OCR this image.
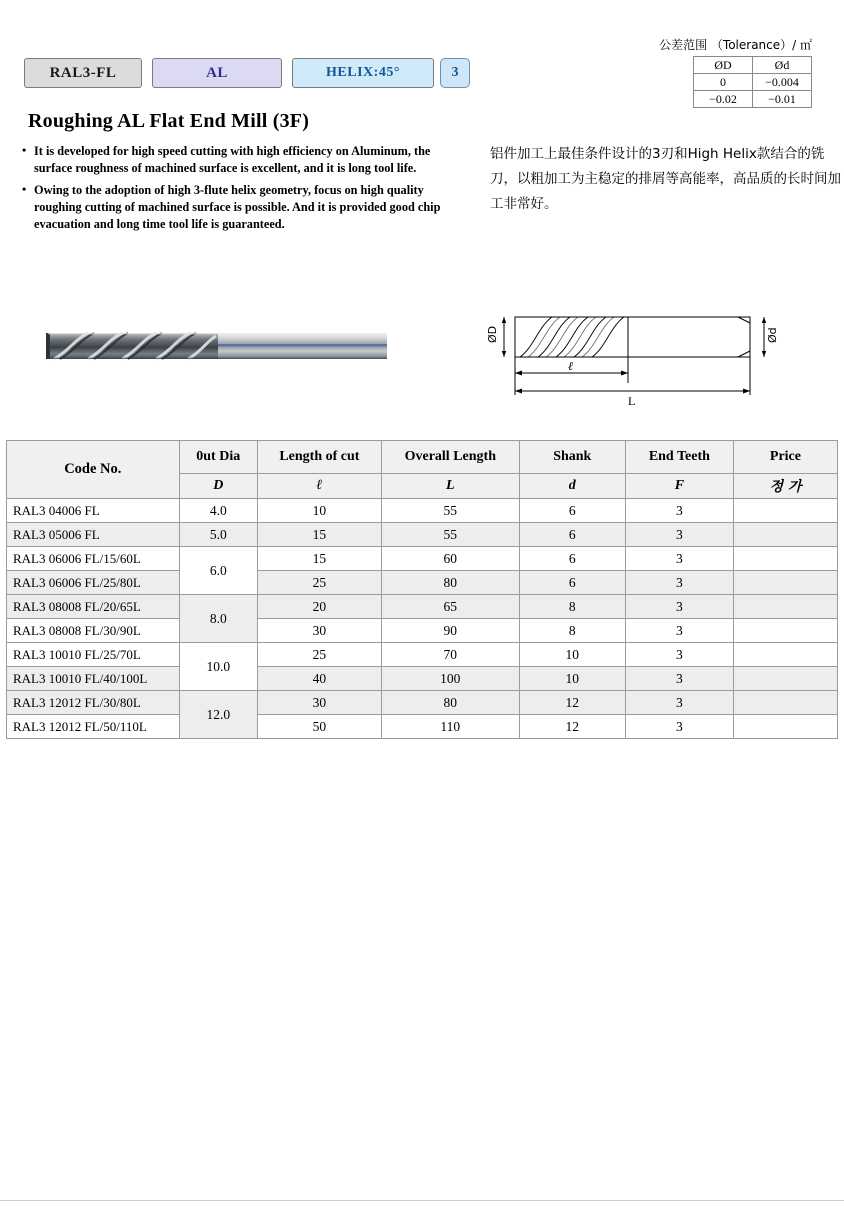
RAL3-FL	AL	HELIX:45°	3
公差范围 （Tolerance）/ ㎡
ØD	Ød
0	−0.004
−0.02	−0.01
Roughing AL Flat End Mill (3F)
• It is developed for high speed cutting with high efficiency on Aluminum, the surface roughness of machined surface is excellent, and it is long tool life.
• Owing to the adoption of high 3-flute helix geometry, focus on high quality roughing cutting of machined surface is possible. And it is provided good chip evacuation and long time tool life is guaranteed.
铝件加工上最佳条件设计的3刃和High Helix款结合的铣刀，以粗加工为主稳定的排屑等高能率，高品质的长时间加工非常好。
ØD	Ød
ℓ
L
Code No.	0ut Dia	Length of cut	Overall Length	Shank	End Teeth	Price
	D	ℓ	L	d	F	정 가
RAL3 04006 FL	4.0	10	55	6	3	
RAL3 05006 FL	5.0	15	55	6	3	
RAL3 06006 FL/15/60L	6.0	15	60	6	3	
RAL3 06006 FL/25/80L		25	80	6	3	
RAL3 08008 FL/20/65L	8.0	20	65	8	3	
RAL3 08008 FL/30/90L		30	90	8	3	
RAL3 10010 FL/25/70L	10.0	25	70	10	3	
RAL3 10010 FL/40/100L		40	100	10	3	
RAL3 12012 FL/30/80L	12.0	30	80	12	3	
RAL3 12012 FL/50/110L		50	110	12	3	
